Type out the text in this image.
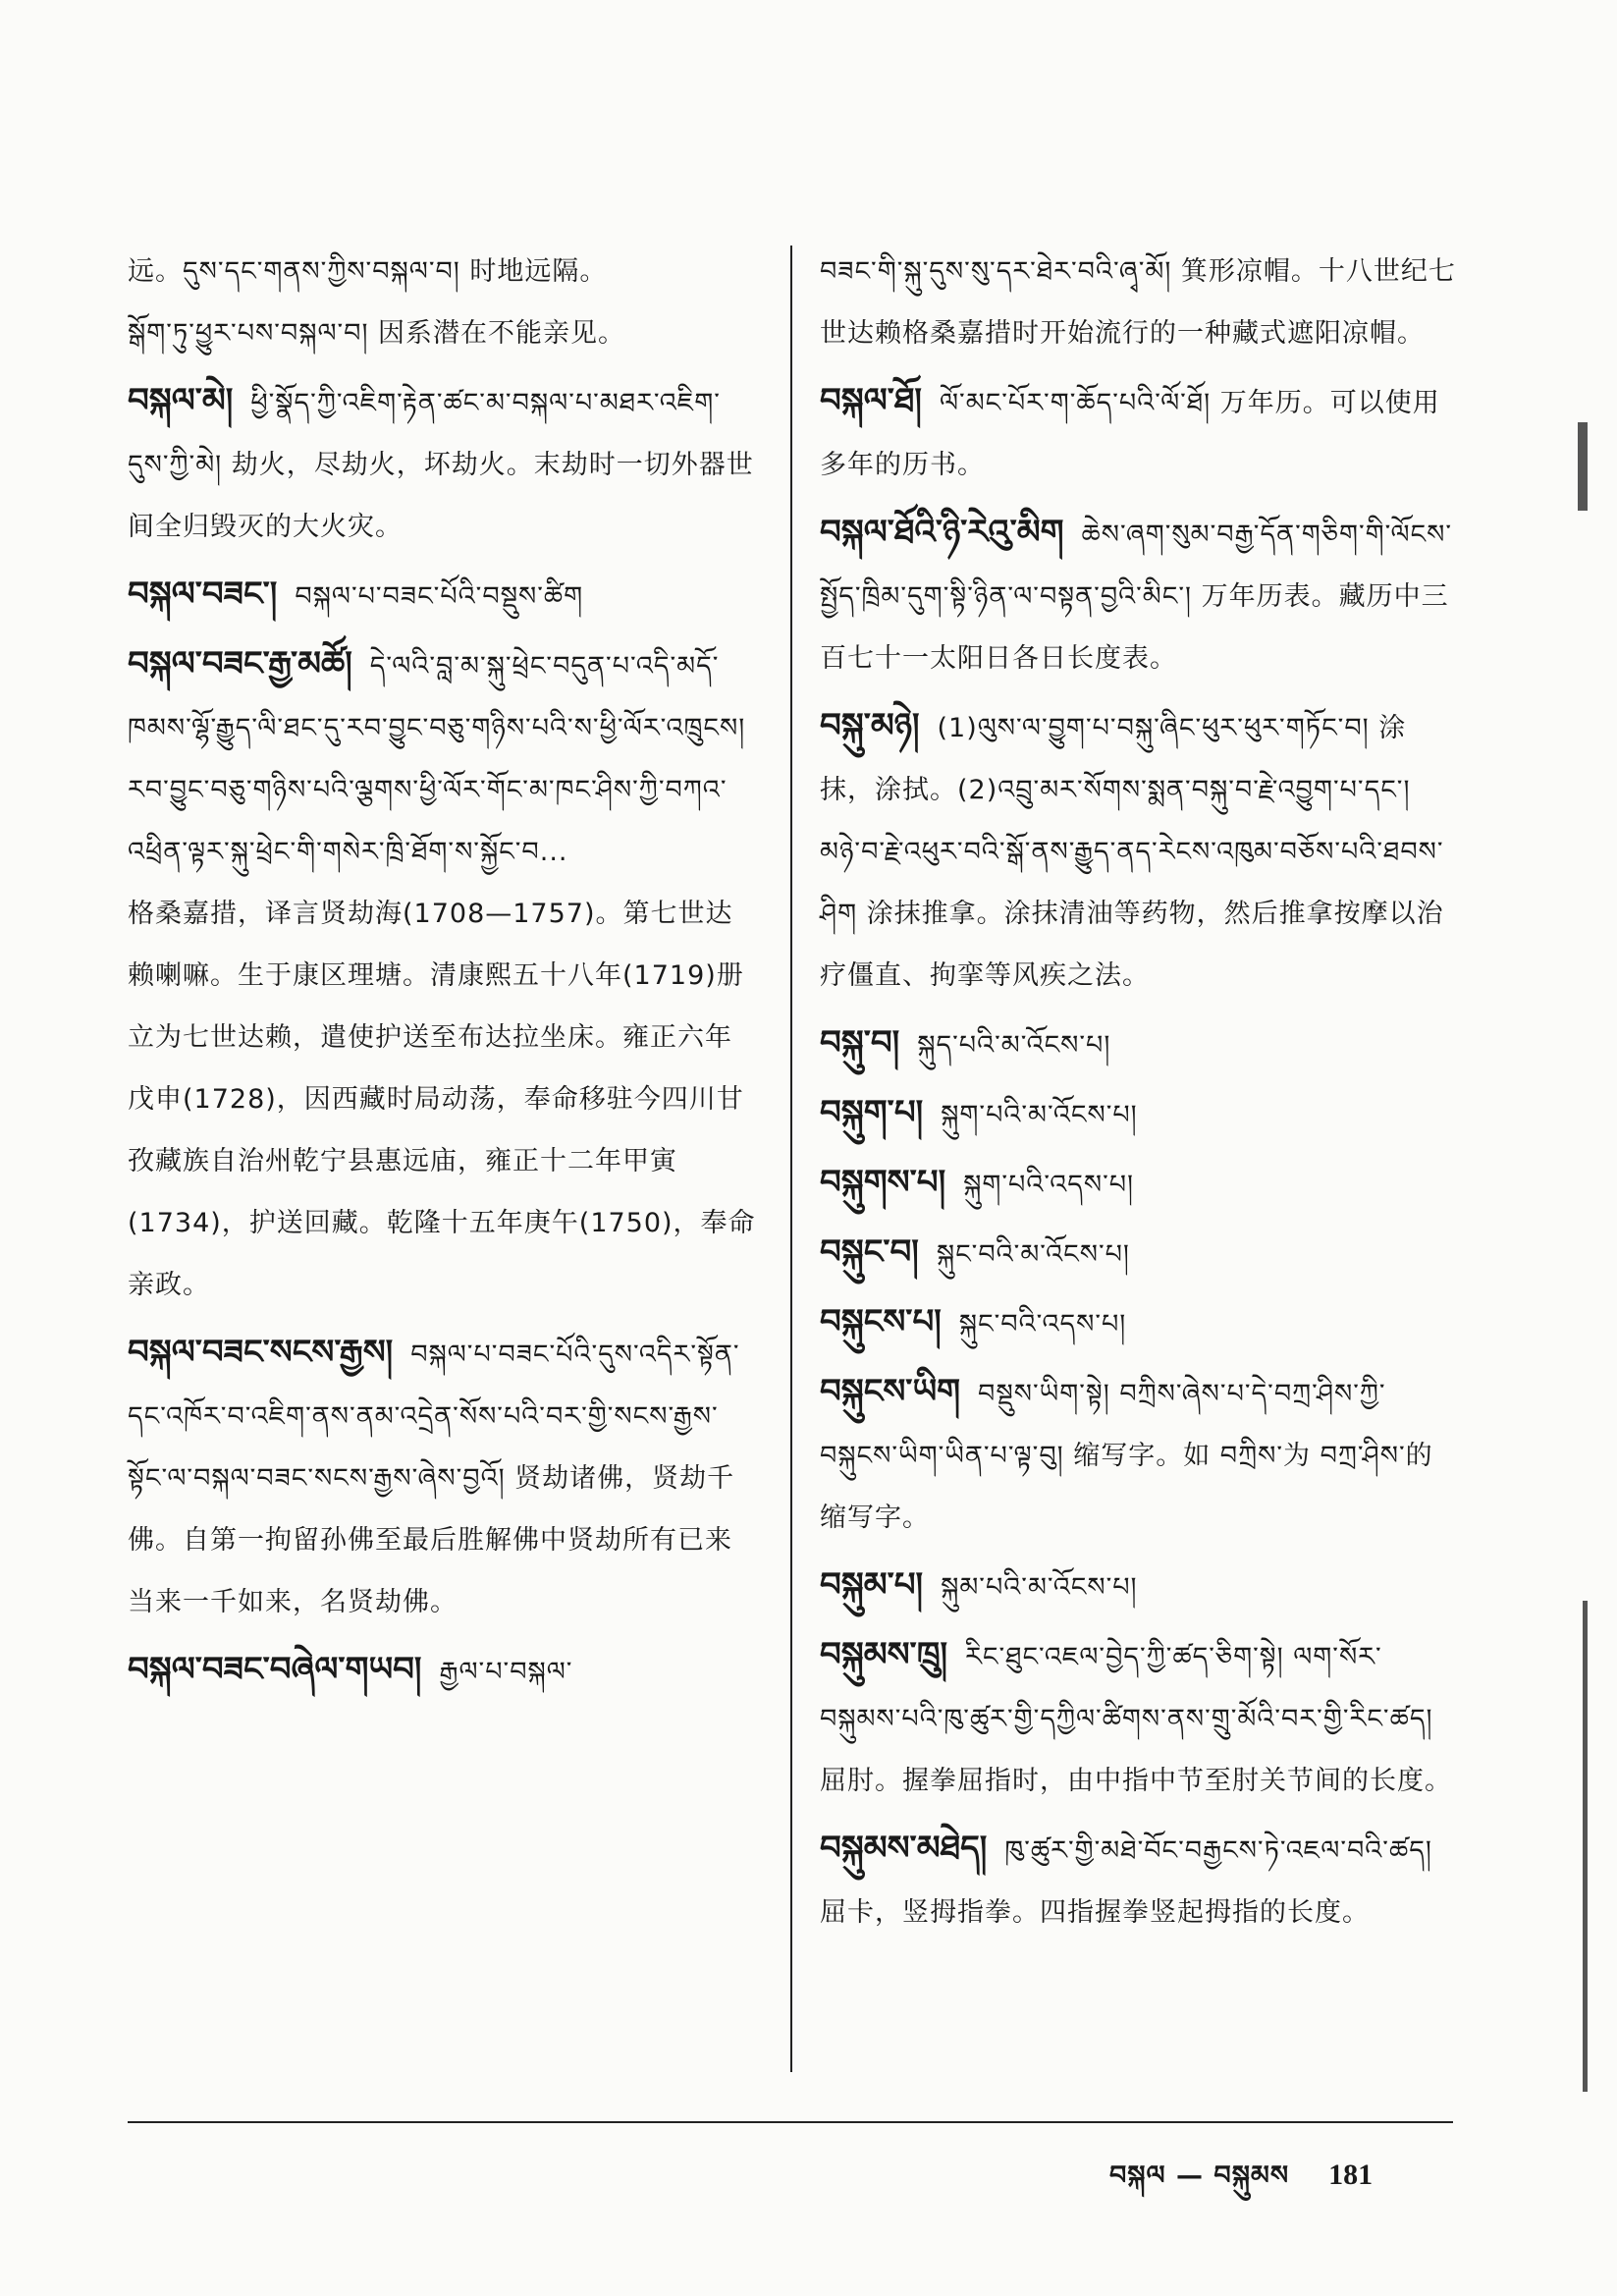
远。དུས་དང་གནས་ཀྱིས་བསྐལ་བ། 时地远隔。
སྒོག་ཏུ་ཕྱུར་པས་བསྐལ་བ། 因系潜在不能亲见。
བསྐལ་མེ། ཕྱི་སྣོད་ཀྱི་འཇིག་རྟེན་ཚང་མ་བསྐལ་པ་མཐར་འཇིག་དུས་ཀྱི་མེ། 劫火，尽劫火，坏劫火。末劫时一切外器世间全归毁灭的大火灾。
བསྐལ་བཟང་། བསྐལ་པ་བཟང་པོའི་བསྡུས་ཚིག
བསྐལ་བཟང་རྒྱ་མཚོ། དེ་ལའི་བླ་མ་སྐུ་ཕྲེང་བདུན་པ་འདི་མདོ་ཁམས་ལྷོ་རྒྱུད་ལི་ཐང་དུ་རབ་བྱུང་བཅུ་གཉིས་པའི་ས་ཕྱི་ལོར་འཁྲུངས། རབ་བྱུང་བཅུ་གཉིས་པའི་ལྕགས་ཕྱི་ལོར་གོང་མ་ཁང་ཤིས་ཀྱི་བཀའ་འཕྲིན་ལྟར་སྐུ་ཕྲེང་གི་གསེར་ཁྲི་ཐོག་ས་སྐྱོང་བ...
格桑嘉措，译言贤劫海(1708—1757)。第七世达赖喇嘛。生于康区理塘。清康熙五十八年(1719)册立为七世达赖，遣使护送至布达拉坐床。雍正六年戊申(1728)，因西藏时局动荡，奉命移驻今四川甘孜藏族自治州乾宁县惠远庙，雍正十二年甲寅(1734)，护送回藏。乾隆十五年庚午(1750)，奉命亲政。
བསྐལ་བཟང་སངས་རྒྱས། བསྐལ་པ་བཟང་པོའི་དུས་འདིར་སྟོན་དང་འཁོར་བ་འཇིག་ནས་ནམ་འདྲེན་སོས་པའི་བར་གྱི་སངས་རྒྱས་སྟོང་ལ་བསྐལ་བཟང་སངས་རྒྱས་ཞེས་བྱའོ། 贤劫诸佛，贤劫千佛。自第一拘留孙佛至最后胜解佛中贤劫所有已来当来一千如来，名贤劫佛。
བསྐལ་བཟང་བཞེལ་གཡབ། རྒྱལ་པ་བསྐལ་
བཟང་གི་སྐུ་དུས་སུ་དར་ཐེར་བའི་ཞྭ་མོ། 箕形凉帽。十八世纪七世达赖格桑嘉措时开始流行的一种藏式遮阳凉帽。
བསྐལ་ཐོ། ལོ་མང་པོར་ག་ཆོད་པའི་ལོ་ཐོ། 万年历。可以使用多年的历书。
བསྐལ་ཐོའི་ཉི་རེའུ་མིག ཆེས་ཞག་སུམ་བརྒྱ་དོན་གཅིག་གི་ལོངས་སྤྱོད་ཁྲིམ་དུག་སྟི་ཉིན་ལ་བསྟན་བྱའི་མིང་། 万年历表。藏历中三百七十一太阳日各日长度表。
བསྐུ་མཉེ། (1)ལུས་ལ་བྱུག་པ་བསྐུ་ཞིང་ཕུར་ཕུར་གཏོང་བ། 涂抹，涂拭。(2)འབྲུ་མར་སོགས་སྨན་བསྐུ་བ་རྗེ་འབྱུག་པ་དང་། མཉེ་བ་རྗེ་འཕུར་བའི་སྒོ་ནས་རྒྱུད་ནད་རེངས་འཁུམ་བཅོས་པའི་ཐབས་ཤིག 涂抹推拿。涂抹清油等药物，然后推拿按摩以治疗僵直、拘挛等风疾之法。
བསྐུ་བ། སྐུད་པའི་མ་འོངས་པ།
བསྐུག་པ། སྐུག་པའི་མ་འོངས་པ།
བསྐུགས་པ། སྐུག་པའི་འདས་པ།
བསྐུང་བ། སྐུང་བའི་མ་འོངས་པ།
བསྐུངས་པ། སྐུང་བའི་འདས་པ།
བསྐུངས་ཡིག བསྡུས་ཡིག་སྟེ། བཀྲིས་ཞེས་པ་དེ་བཀྲ་ཤིས་ཀྱི་བསྐུངས་ཡིག་ཡིན་པ་ལྟ་བུ། 缩写字。如 བཀྲིས་为 བཀྲ་ཤིས་的缩写字。
བསྐུམ་པ། སྐུམ་པའི་མ་འོངས་པ།
བསྐུམས་ཁྲུ། རིང་ཐུང་འཇལ་བྱེད་ཀྱི་ཚད་ཅིག་སྟེ། ལག་སོར་བསྐུམས་པའི་ཁུ་ཚུར་གྱི་དཀྱིལ་ཚིགས་ནས་གྲུ་མོའི་བར་གྱི་རིང་ཚད། 屈肘。握拳屈指时，由中指中节至肘关节间的长度。
བསྐུམས་མཐེད། ཁུ་ཚུར་གྱི་མཐེ་བོང་བརྒྱངས་ཏེ་འཇལ་བའི་ཚད། 屈卡，竖拇指拳。四指握拳竖起拇指的长度。
བསྐལ — བསྐུམས 181
